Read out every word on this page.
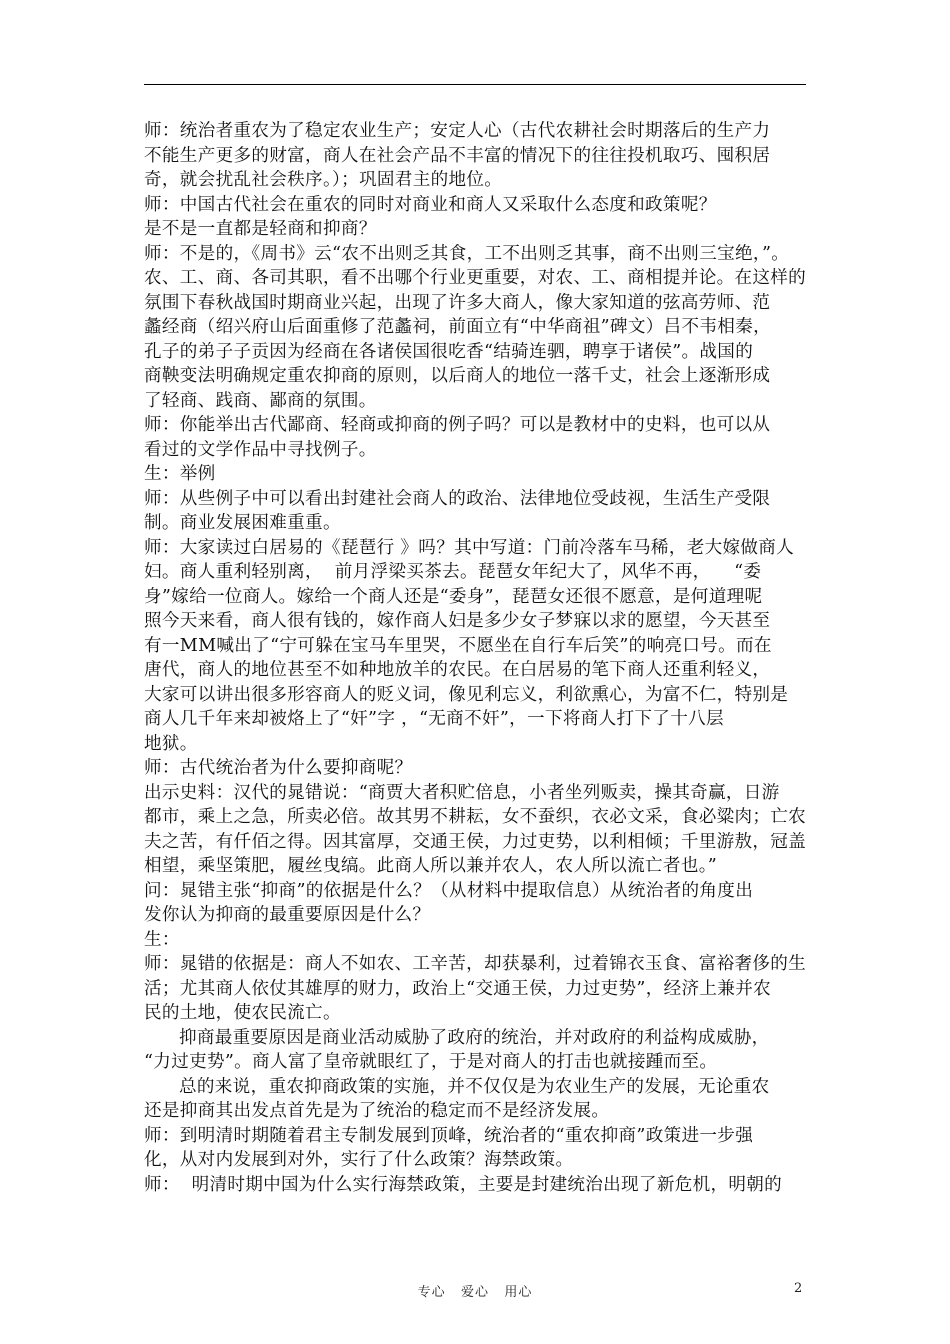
师：统治者重农为了稳定农业生产；安定人心（古代农耕社会时期落后的生产力

不能生产更多的财富，商人在社会产品不丰富的情况下的往往投机取巧、囤积居

奇，就会扰乱社会秩序。）；巩固君主的地位。

师：中国古代社会在重农的同时对商业和商人又采取什么态度和政策呢？

是不是一直都是轻商和抑商？

师：不是的，《周书》云“农不出则乏其食，工不出则乏其事，商不出则三宝绝，”。

农、工、商、各司其职，看不出哪个行业更重要，对农、工、商相提并论。在这样的

氛围下春秋战国时期商业兴起，出现了许多大商人，像大家知道的弦高劳师、范

蠡经商（绍兴府山后面重修了范蠡祠，前面立有“中华商祖”碑文）吕不韦相秦，

孔子的弟子子贡因为经商在各诸侯国很吃香“结骑连驷，聘享于诸侯”。战国的

商鞅变法明确规定重农抑商的原则，以后商人的地位一落千丈，社会上逐渐形成

了轻商、践商、鄙商的氛围。

师：你能举出古代鄙商、轻商或抑商的例子吗？可以是教材中的史料，也可以从

看过的文学作品中寻找例子。

生：举例

师：从些例子中可以看出封建社会商人的政治、法律地位受歧视，生活生产受限

制。商业发展困难重重。

师：大家读过白居易的《琵琶行 》吗？其中写道：门前冷落车马稀，老大嫁做商人

妇。商人重利轻别离，  前月浮梁买茶去。琵琶女年纪大了，风华不再，    “委

身”嫁给一位商人。嫁给一个商人还是“委身”，琵琶女还很不愿意，是何道理呢

照今天来看，商人很有钱的，嫁作商人妇是多少女子梦寐以求的愿望，今天甚至

有一MM喊出了“宁可躲在宝马车里哭，不愿坐在自行车后笑”的响亮口号。而在

唐代，商人的地位甚至不如种地放羊的农民。在白居易的笔下商人还重利轻义，

大家可以讲出很多形容商人的贬义词，像见利忘义，利欲熏心，为富不仁，特别是

商人几千年来却被烙上了“奸”字 ，“无商不奸”，一下将商人打下了十八层

地狱。

师：古代统治者为什么要抑商呢？

出示史料：汉代的晁错说：“商贾大者积贮倍息，小者坐列贩卖，操其奇赢，日游

都市，乘上之急，所卖必倍。故其男不耕耘，女不蚕织，衣必文采，食必粱肉；亡农

夫之苦，有仟佰之得。因其富厚，交通王侯，力过吏势，以利相倾；千里游敖，冠盖

相望，乘坚策肥，履丝曳缟。此商人所以兼并农人，农人所以流亡者也。”

问：晁错主张“抑商”的依据是什么？（从材料中提取信息）从统治者的角度出

发你认为抑商的最重要原因是什么？

生：

师：晁错的依据是：商人不如农、工辛苦，却获暴利，过着锦衣玉食、富裕奢侈的生

活；尤其商人依仗其雄厚的财力，政治上“交通王侯，力过吏势”，经济上兼并农

民的土地，使农民流亡。

抑商最重要原因是商业活动威胁了政府的统治，并对政府的利益构成威胁，

“力过吏势”。商人富了皇帝就眼红了，于是对商人的打击也就接踵而至。

总的来说，重农抑商政策的实施，并不仅仅是为农业生产的发展，无论重农

还是抑商其出发点首先是为了统治的稳定而不是经济发展。

师：到明清时期随着君主专制发展到顶峰，统治者的“重农抑商”政策进一步强

化，从对内发展到对外，实行了什么政策？海禁政策。

师：  明清时期中国为什么实行海禁政策，主要是封建统治出现了新危机，明朝的

专心   爱心   用心	2
